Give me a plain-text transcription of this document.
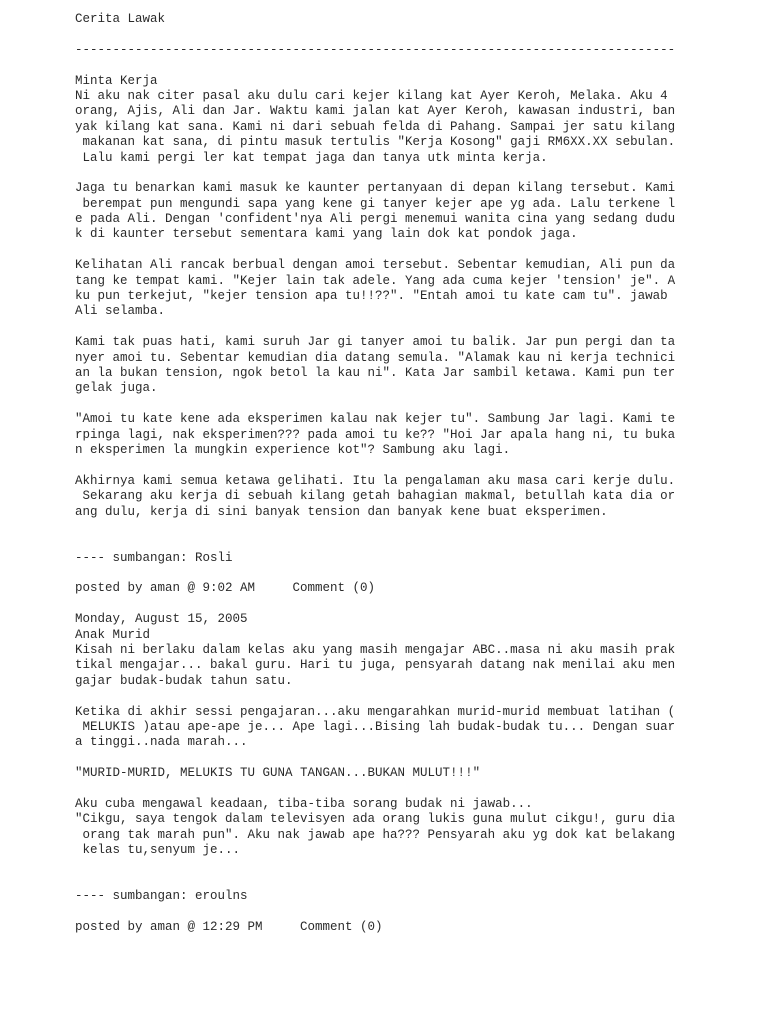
Cerita Lawak
--------------------------------------------------------------------------------
Minta Kerja
Ni aku nak citer pasal aku dulu cari kejer kilang kat Ayer Keroh, Melaka. Aku 4
orang, Ajis, Ali dan Jar. Waktu kami jalan kat Ayer Keroh, kawasan industri, ban
yak kilang kat sana. Kami ni dari sebuah felda di Pahang. Sampai jer satu kilang
makanan kat sana, di pintu masuk tertulis "Kerja Kosong" gaji RM6XX.XX sebulan.
Lalu kami pergi ler kat tempat jaga dan tanya utk minta kerja.
Jaga tu benarkan kami masuk ke kaunter pertanyaan di depan kilang tersebut. Kami
berempat pun mengundi sapa yang kene gi tanyer kejer ape yg ada. Lalu terkene l
e pada Ali. Dengan 'confident'nya Ali pergi menemui wanita cina yang sedang dudu
k di kaunter tersebut sementara kami yang lain dok kat pondok jaga.
Kelihatan Ali rancak berbual dengan amoi tersebut. Sebentar kemudian, Ali pun da
tang ke tempat kami. "Kejer lain tak adele. Yang ada cuma kejer 'tension' je". A
ku pun terkejut, "kejer tension apa tu!!??". "Entah amoi tu kate cam tu". jawab
Ali selamba.
Kami tak puas hati, kami suruh Jar gi tanyer amoi tu balik. Jar pun pergi dan ta
nyer amoi tu. Sebentar kemudian dia datang semula. "Alamak kau ni kerja technici
an la bukan tension, ngok betol la kau ni". Kata Jar sambil ketawa. Kami pun ter
gelak juga.
"Amoi tu kate kene ada eksperimen kalau nak kejer tu". Sambung Jar lagi. Kami te
rpinga lagi, nak eksperimen??? pada amoi tu ke?? "Hoi Jar apala hang ni, tu buka
n eksperimen la mungkin experience kot"? Sambung aku lagi.
Akhirnya kami semua ketawa gelihati. Itu la pengalaman aku masa cari kerje dulu.
Sekarang aku kerja di sebuah kilang getah bahagian makmal, betullah kata dia or
ang dulu, kerja di sini banyak tension dan banyak kene buat eksperimen.
---- sumbangan: Rosli
posted by aman @ 9:02 AM	Comment (0)
Monday, August 15, 2005
Anak Murid
Kisah ni berlaku dalam kelas aku yang masih mengajar ABC..masa ni aku masih prak
tikal mengajar... bakal guru. Hari tu juga, pensyarah datang nak menilai aku men
gajar budak-budak tahun satu.
Ketika di akhir sessi pengajaran...aku mengarahkan murid-murid membuat latihan (
MELUKIS )atau ape-ape je... Ape lagi...Bising lah budak-budak tu... Dengan suar
a tinggi..nada marah...
"MURID-MURID, MELUKIS TU GUNA TANGAN...BUKAN MULUT!!!"
Aku cuba mengawal keadaan, tiba-tiba sorang budak ni jawab...
"Cikgu, saya tengok dalam televisyen ada orang lukis guna mulut cikgu!, guru dia
orang tak marah pun". Aku nak jawab ape ha??? Pensyarah aku yg dok kat belakang
kelas tu,senyum je...
---- sumbangan: eroulns
posted by aman @ 12:29 PM	Comment (0)
